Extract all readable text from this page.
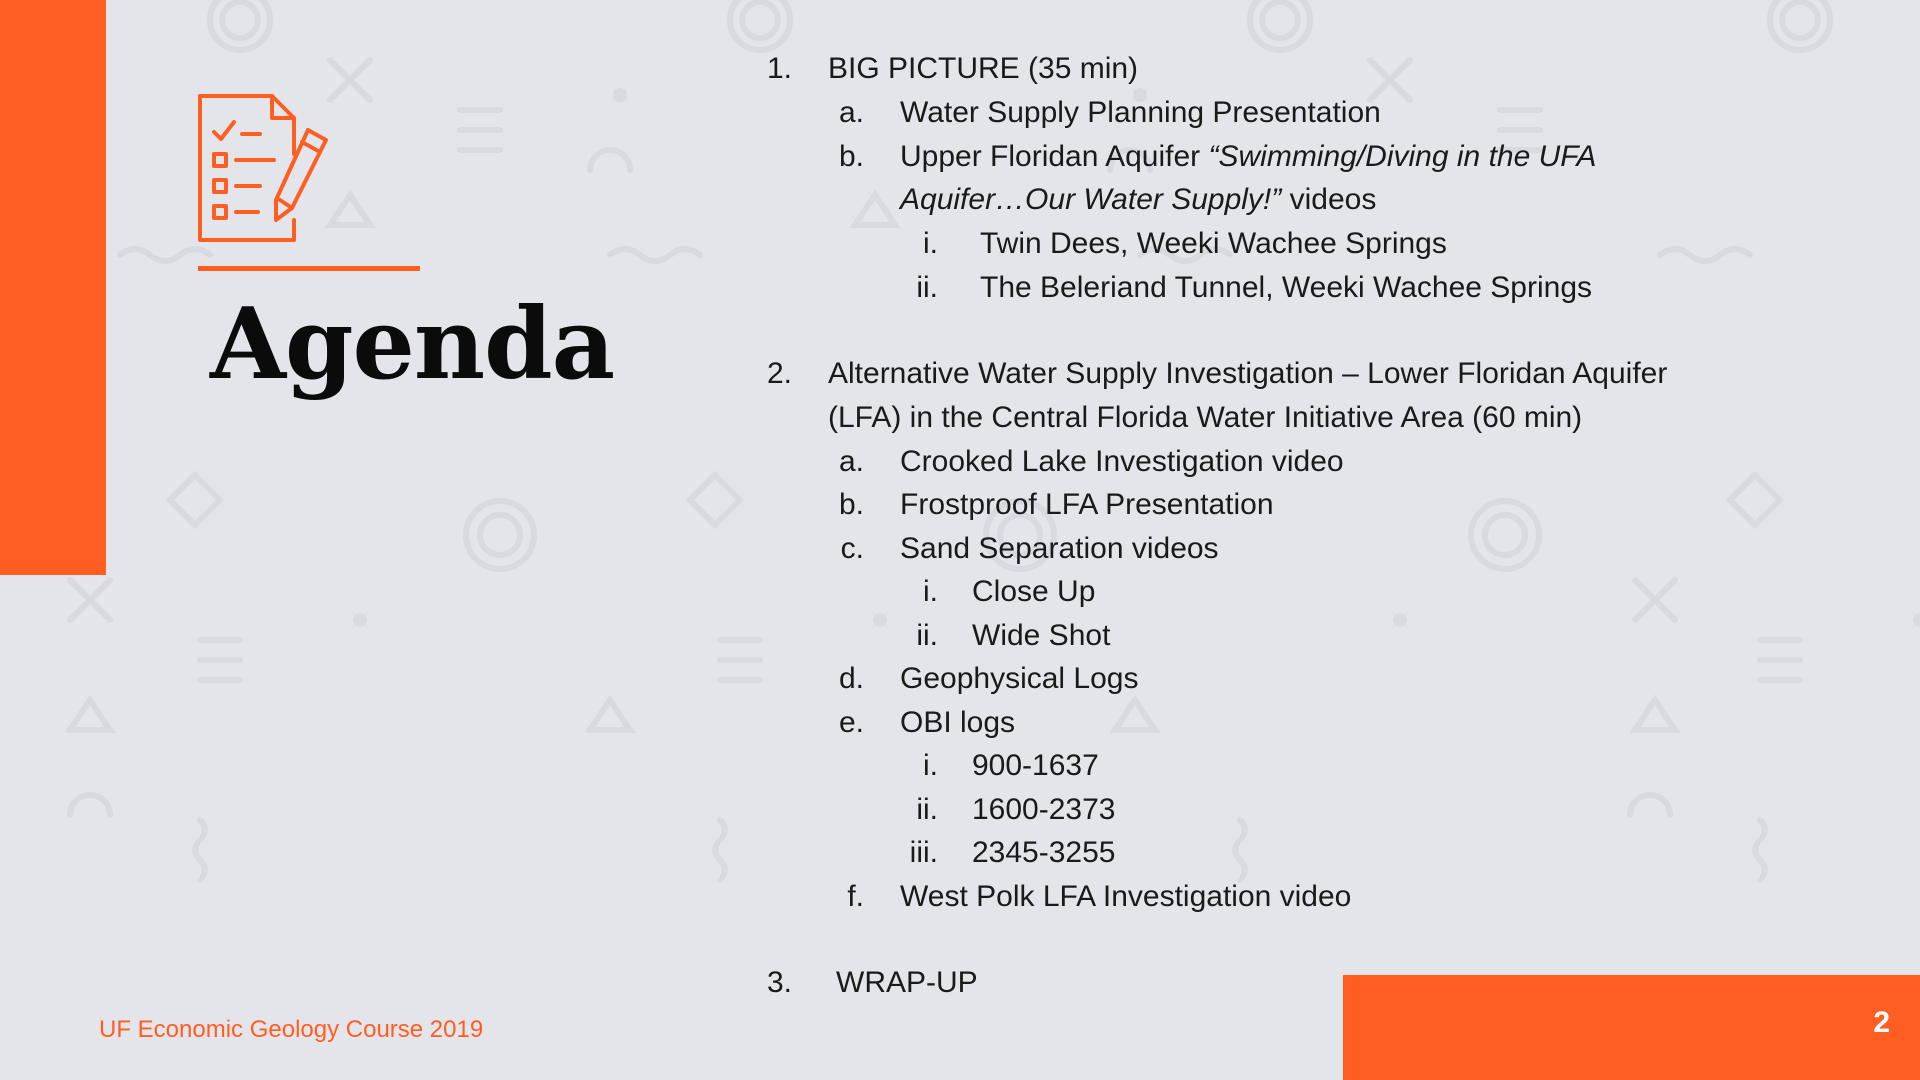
2
UF Economic Geology Course 2019
Agenda
1. BIG PICTURE (35 min)
a. Water Supply Planning Presentation
b. Upper Floridan Aquifer “Swimming/Diving in the UFA
Aquifer…Our Water Supply!” videos
i. Twin Dees, Weeki Wachee Springs
ii. The Beleriand Tunnel, Weeki Wachee Springs
2. Alternative Water Supply Investigation – Lower Floridan Aquifer
(LFA) in the Central Florida Water Initiative Area (60 min)
a. Crooked Lake Investigation video
b. Frostproof LFA Presentation
c. Sand Separation videos
i. Close Up
ii. Wide Shot
d. Geophysical Logs
e. OBI logs
i. 900-1637
ii. 1600-2373
iii. 2345-3255
f. West Polk LFA Investigation video
3. WRAP-UP
